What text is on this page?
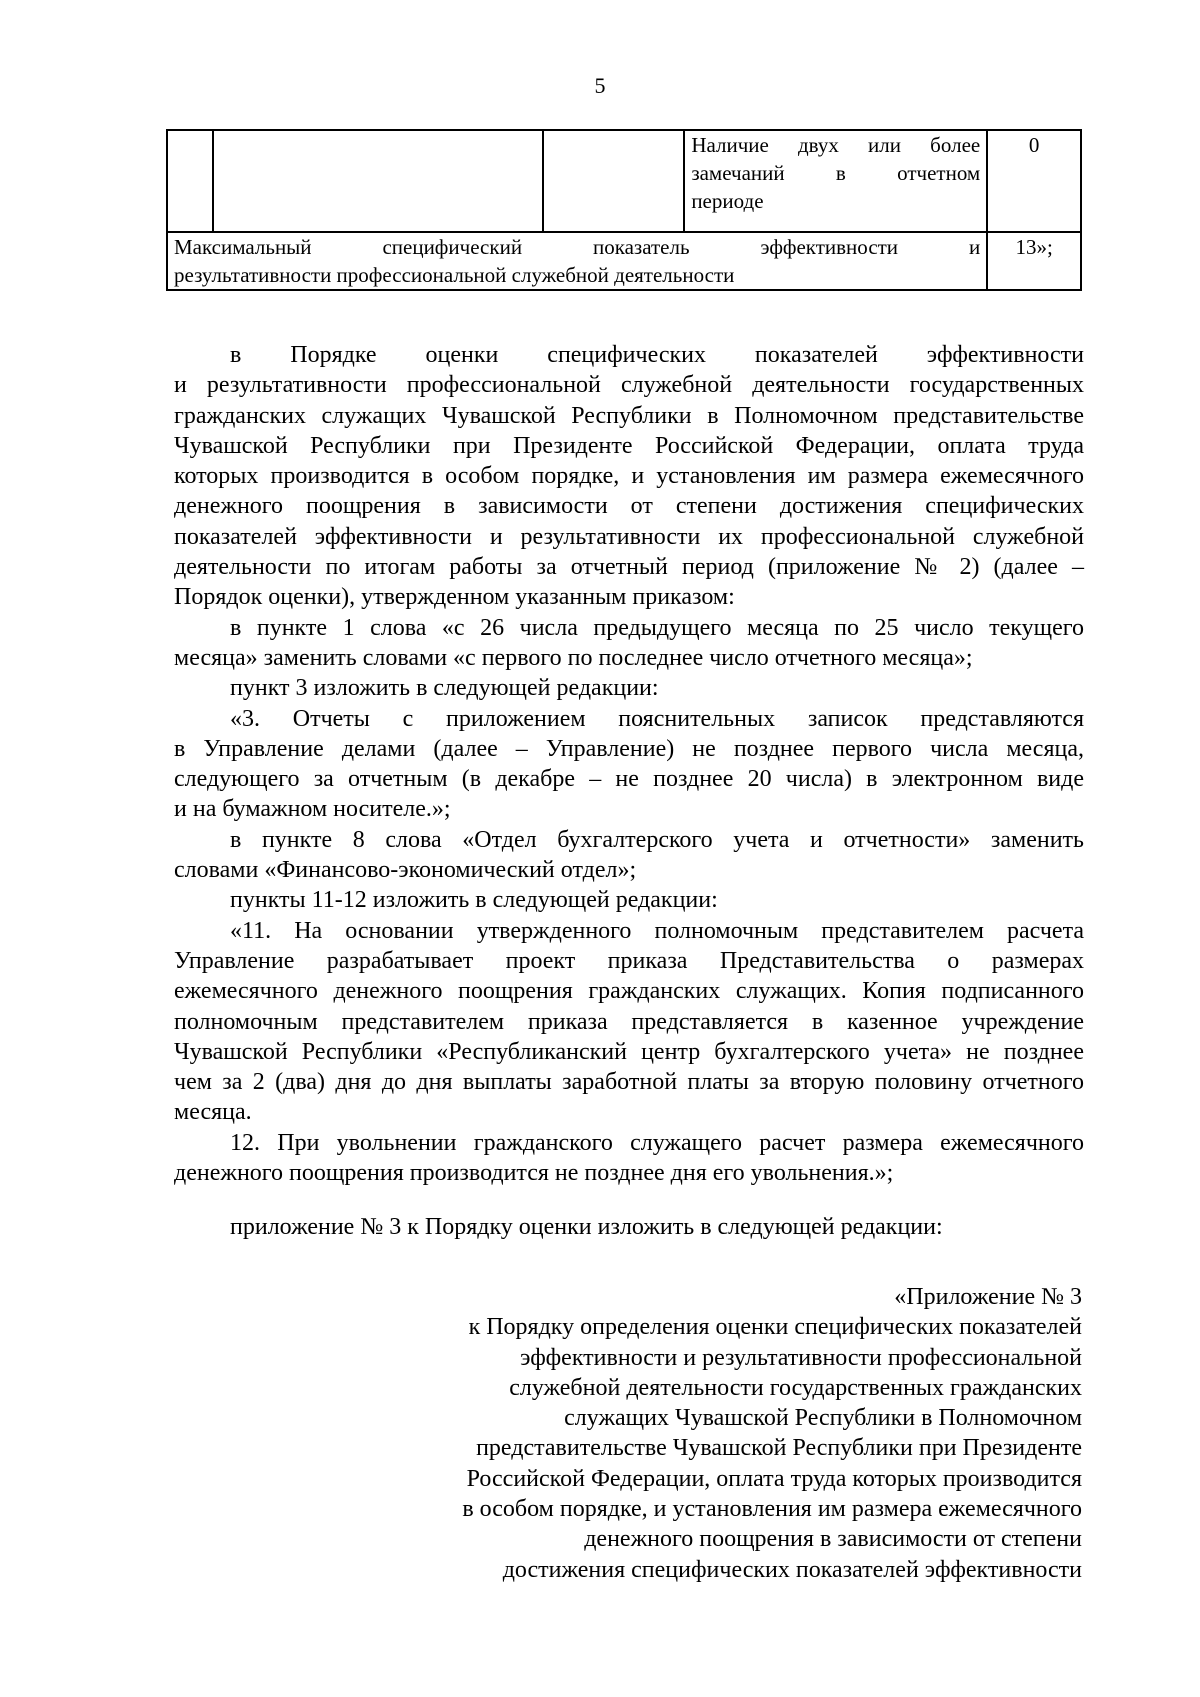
5

			Наличие двух или более
замечаний в отчетном
периоде	0

Максимальный специфический показатель эффективности и
результативности профессиональной служебной деятельности				13»;
в Порядке оценки специфических показателей эффективности
и результативности профессиональной служебной деятельности государственных
гражданских служащих Чувашской Республики в Полномочном представительстве
Чувашской Республики при Президенте Российской Федерации, оплата труда
которых производится в особом порядке, и установления им размера ежемесячного
денежного поощрения в зависимости от степени достижения специфических
показателей эффективности и результативности их профессиональной служебной
деятельности по итогам работы за отчетный период (приложение № 2) (далее –
Порядок оценки), утвержденном указанным приказом:
в пункте 1 слова «с 26 числа предыдущего месяца по 25 число текущего
месяца» заменить словами «с первого по последнее число отчетного месяца»;
пункт 3 изложить в следующей редакции:
«3. Отчеты с приложением пояснительных записок представляются
в Управление делами (далее – Управление) не позднее первого числа месяца,
следующего за отчетным (в декабре – не позднее 20 числа) в электронном виде
и на бумажном носителе.»;
в пункте 8 слова «Отдел бухгалтерского учета и отчетности» заменить
словами «Финансово-экономический отдел»;
пункты 11-12 изложить в следующей редакции:
«11. На основании утвержденного полномочным представителем расчета
Управление разрабатывает проект приказа Представительства о размерах
ежемесячного денежного поощрения гражданских служащих. Копия подписанного
полномочным представителем приказа представляется в казенное учреждение
Чувашской Республики «Республиканский центр бухгалтерского учета» не позднее
чем за 2 (два) дня до дня выплаты заработной платы за вторую половину отчетного
месяца.
12. При увольнении гражданского служащего расчет размера ежемесячного
денежного поощрения производится не позднее дня его увольнения.»;
приложение № 3 к Порядку оценки изложить в следующей редакции:
«Приложение № 3
к Порядку определения оценки специфических показателей
эффективности и результативности профессиональной
служебной деятельности государственных гражданских
служащих Чувашской Республики в Полномочном
представительстве Чувашской Республики при Президенте
Российской Федерации, оплата труда которых производится
в особом порядке, и установления им размера ежемесячного
денежного поощрения в зависимости от степени
достижения специфических показателей эффективности
